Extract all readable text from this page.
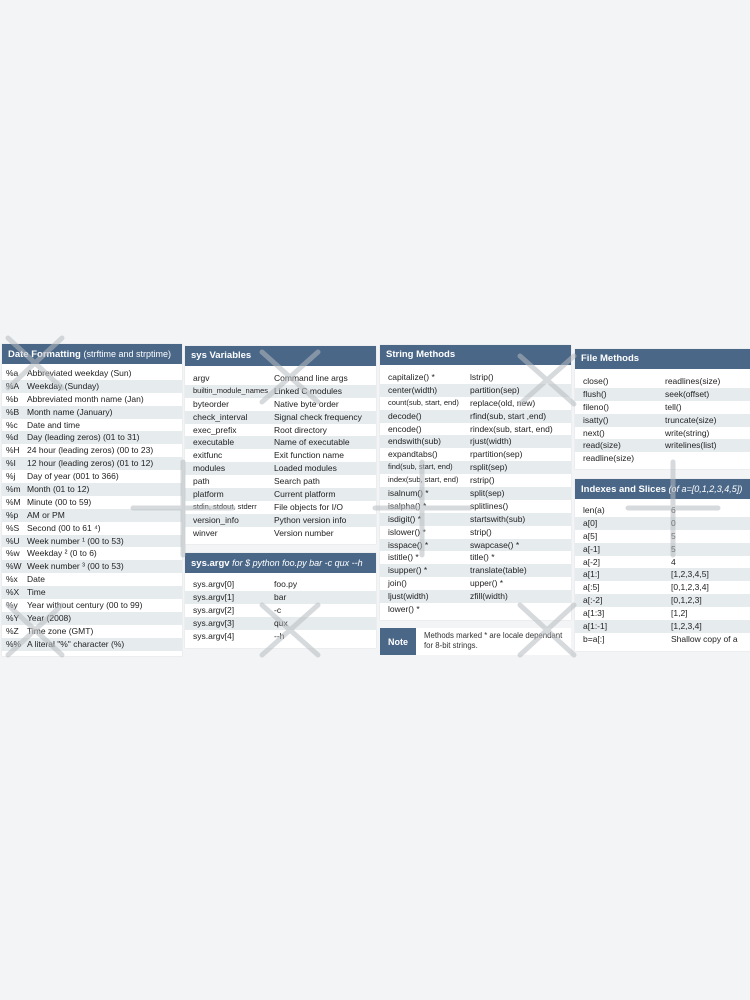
Date Formatting (strftime and strptime)
%a	Abbreviated weekday (Sun)
%A Weekday (Sunday)
%b	Abbreviated month name (Jan)
%B Month name (January)
%c	Date and time
%d	Day (leading zeros) (01 to 31)
%H 24 hour (leading zeros) (00 to 23)
%I	12 hour (leading zeros) (01 to 12)
%j	Day of year (001 to 366)
%m Month (01 to 12)
%M Minute (00 to 59)
%p	AM or PM
%S Second (00 to 61 ⁴)
%U Week number ¹ (00 to 53)
%w Weekday ² (0 to 6)
%W Week number ³ (00 to 53)
%x	Date
%X Time
%y	Year without century (00 to 99)
%Y Year (2008)
%Z Time zone (GMT)
%% A literal "%" character (%)
sys Variables
argv	Command line args
builtin_module_names Linked C modules
byteorder	Native byte order
check_interval	Signal check frequency
exec_prefix	Root directory
executable	Name of executable
exitfunc	Exit function name
modules	Loaded modules
path	Search path
platform	Current platform
stdin, stdout, stderr	File objects for I/O
version_info	Python version info
winver	Version number
sys.argv for $ python foo.py bar -c qux --h
sys.argv[0]	foo.py
sys.argv[1]	bar
sys.argv[2]	-c
sys.argv[3]	qux
sys.argv[4]	--h
String Methods
capitalize() *	lstrip()
center(width)	partition(sep)
count(sub, start, end)	replace(old, new)
decode()	rfind(sub, start ,end)
encode()	rindex(sub, start, end)
endswith(sub)	rjust(width)
expandtabs()	rpartition(sep)
find(sub, start, end)	rsplit(sep)
index(sub, start, end)	rstrip()
isalnum() *	split(sep)
isalpha() *	splitlines()
isdigit() *	startswith(sub)
islower() *	strip()
isspace() *	swapcase() *
istitle() *	title() *
isupper() *	translate(table)
join()	upper() *
ljust(width)	zfill(width)
lower() *
Note
Methods marked * are locale dependant for 8-bit strings.
File Methods
close()	readlines(size)
flush()	seek(offset)
fileno()	tell()
isatty()	truncate(size)
next()	write(string)
read(size)	writelines(list)
readline(size)
Indexes and Slices (of a=[0,1,2,3,4,5])
len(a)	6
a[0]	0
a[5]	5
a[-1]	5
a[-2]	4
a[1:]	[1,2,3,4,5]
a[:5]	[0,1,2,3,4]
a[:-2]	[0,1,2,3]
a[1:3]	[1,2]
a[1:-1]	[1,2,3,4]
b=a[:]	Shallow copy of a
